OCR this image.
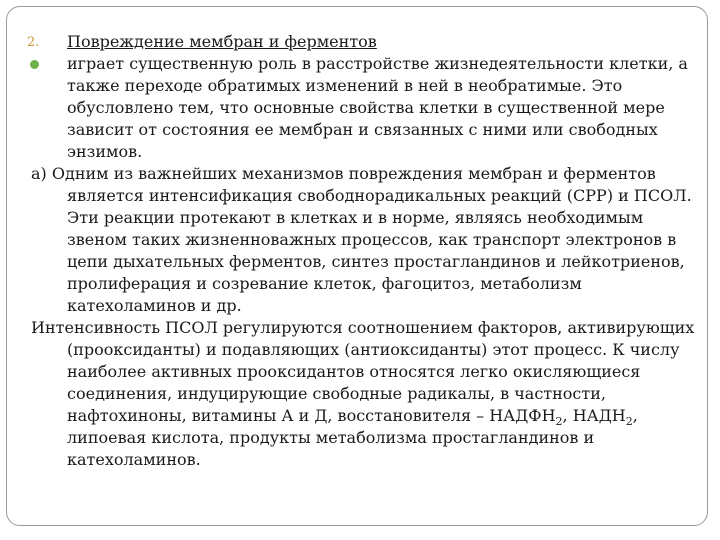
2. Повреждение мембран и ферментов
играет существенную роль в расстройстве жизнедеятельности клетки, а также переходе обратимых изменений в ней в необратимые. Это обусловлено тем, что основные свойства клетки в существенной мере зависит от состояния ее мембран и связанных с ними или свободных энзимов.
а) Одним из важнейших механизмов повреждения мембран и ферментов является интенсификация свободнорадикальных реакций (СРР) и ПСОЛ. Эти реакции протекают в клетках и в норме, являясь необходимым звеном таких жизненноважных процессов, как транспорт электронов в цепи дыхательных ферментов, синтез простагландинов и лейкотриенов, пролиферация и созревание клеток, фагоцитоз, метаболизм катехоламинов и др.
Интенсивность ПСОЛ регулируются соотношением факторов, активирующих (прооксиданты) и подавляющих (антиоксиданты) этот процесс. К числу наиболее активных прооксидантов относятся легко окисляющиеся соединения, индуцирующие свободные радикалы, в частности, нафтохиноны, витамины А и Д, восстановителя – $НАДФН_2$, $НАДН_2$, липоевая кислота, продукты метаболизма простагландинов и катехоламинов.
